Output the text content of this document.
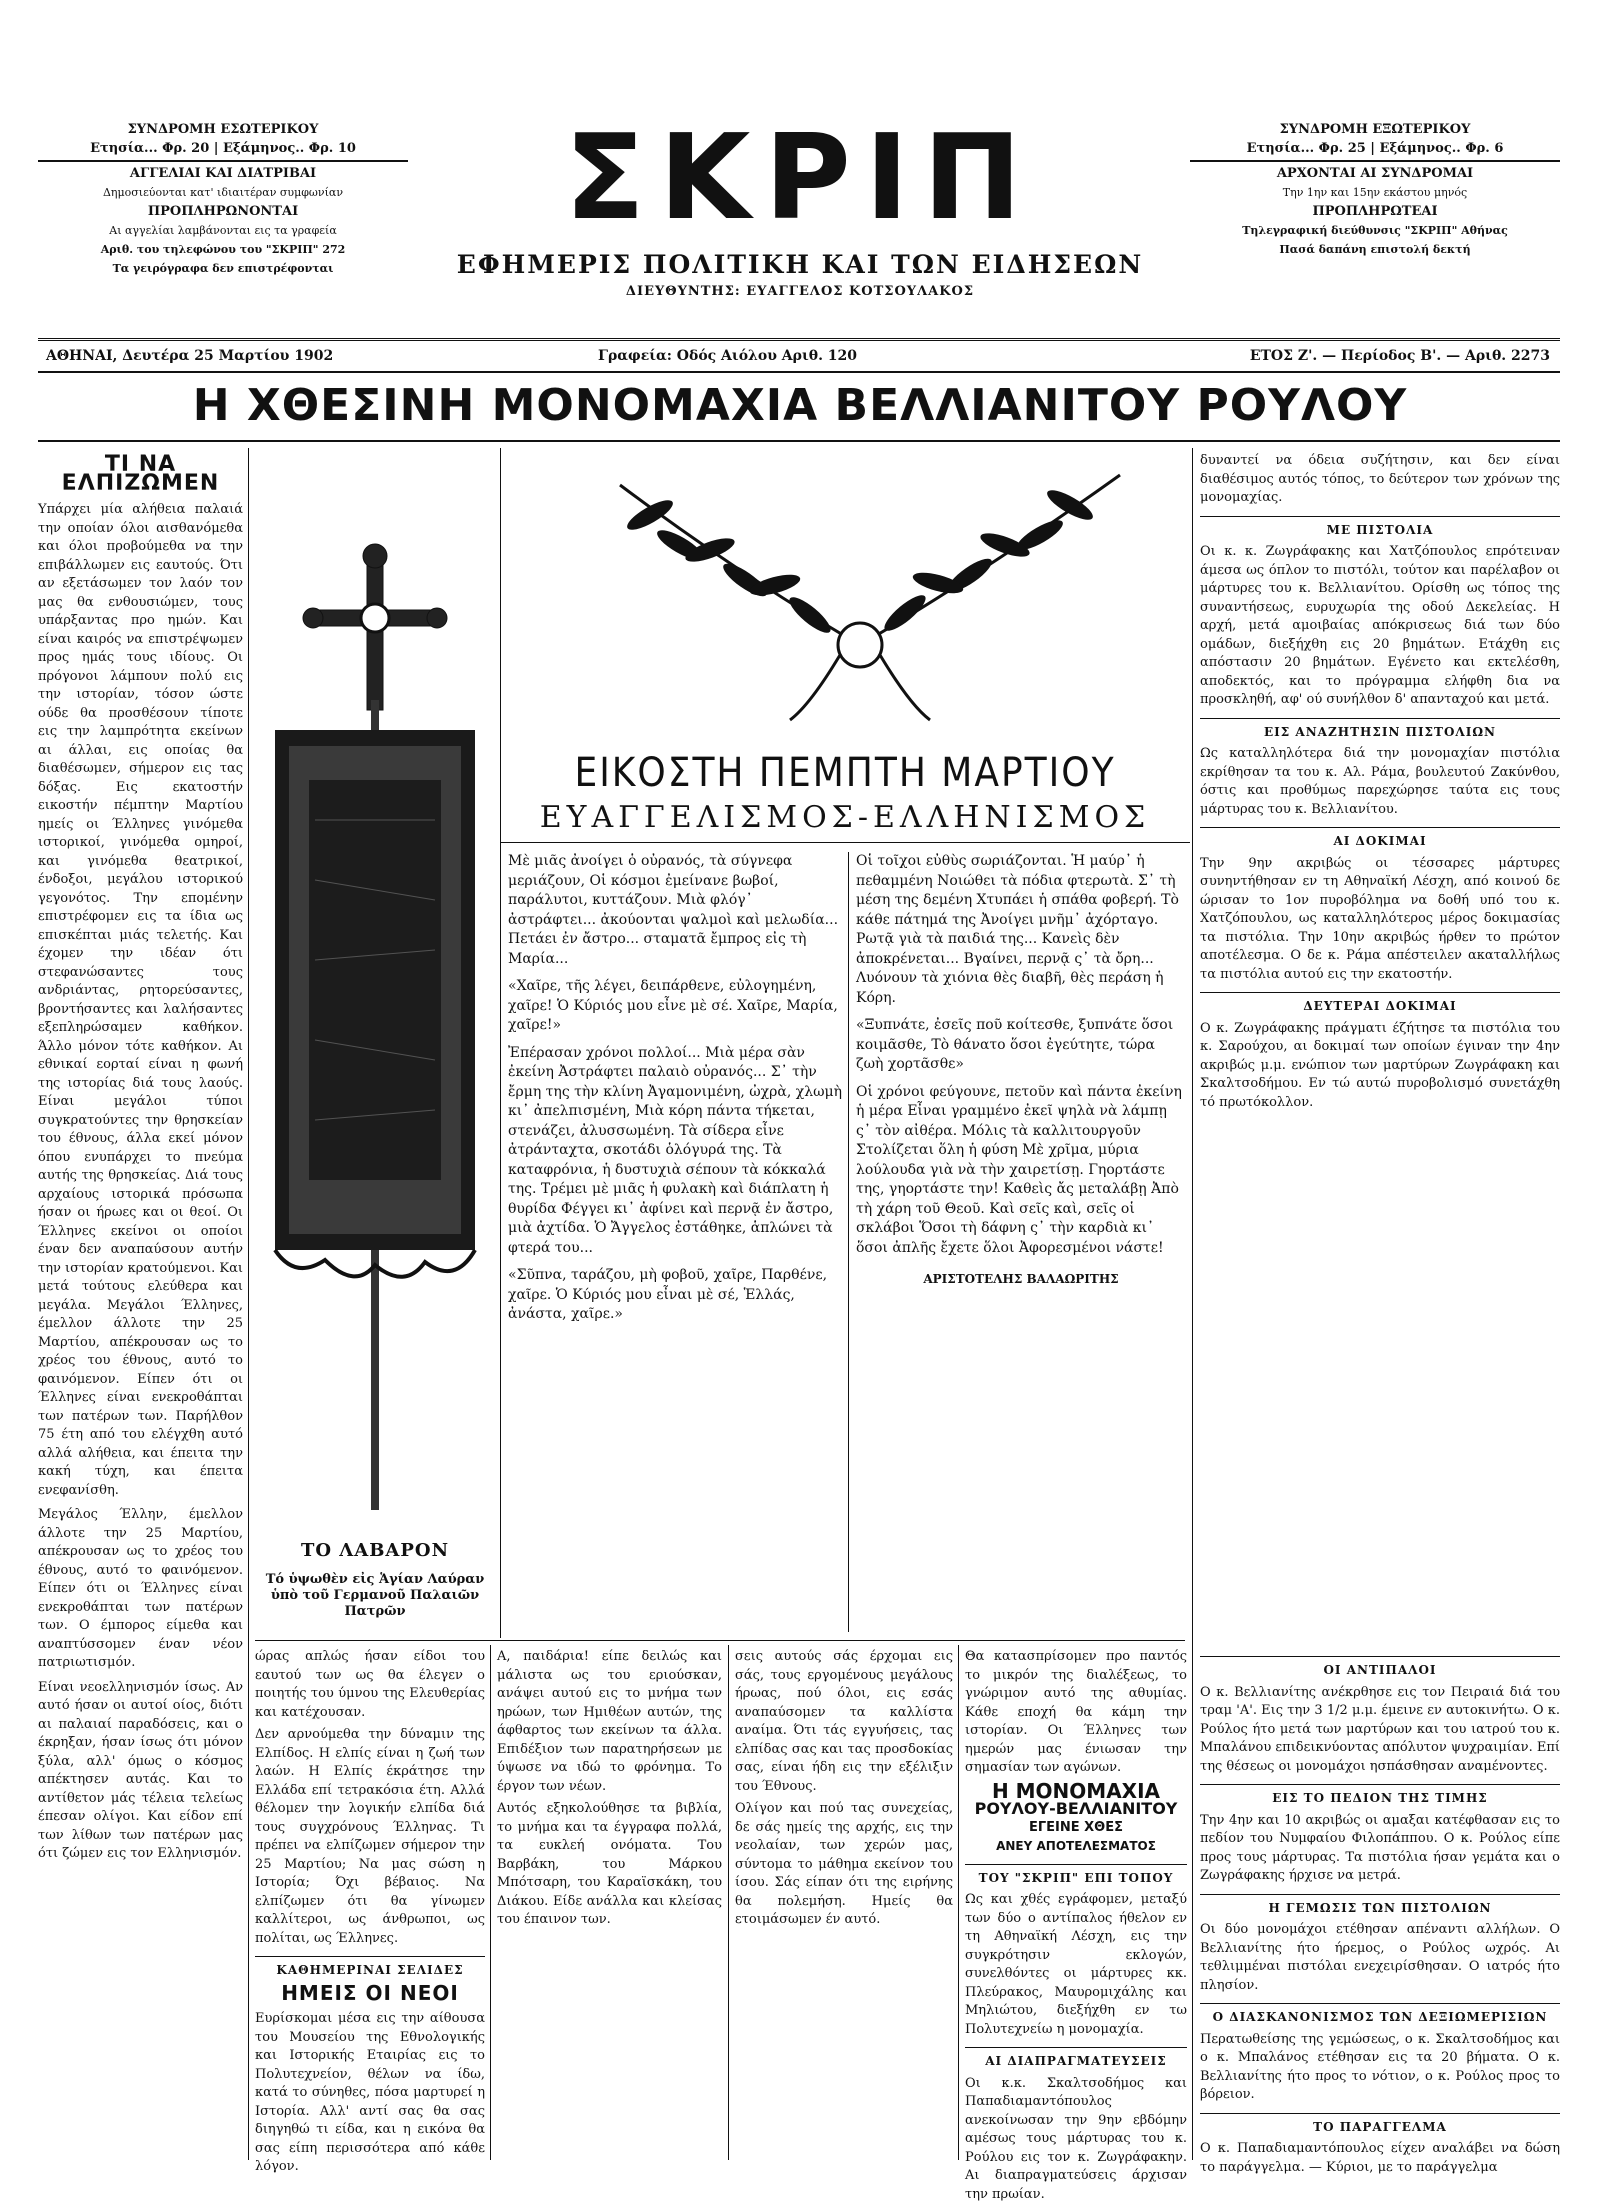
ΣΥΝΔΡΟΜΗ ΕΣΩΤΕΡΙΚΟΥ
Ετησία... Φρ. 20 | Εξάμηνος.. Φρ. 10
ΑΓΓΕΛΙΑΙ ΚΑΙ ΔΙΑΤΡΙΒΑΙ
Δημοσιεύονται κατ' ιδιαιτέραν συμφωνίαν
ΠΡΟΠΛΗΡΩΝΟΝΤΑΙ
Αι αγγελίαι λαμβάνονται εις τα γραφεία
Αριθ. του τηλεφώνου του "ΣΚΡΙΠ" 272
Τα γειρόγραφα δεν επιστρέφονται
ΣΚΡΙΠ
ΕΦΗΜΕΡΙΣ ΠΟΛΙΤΙΚΗ ΚΑΙ ΤΩΝ ΕΙΔΗΣΕΩΝ
ΔΙΕΥΘΥΝΤΗΣ: ΕΥΑΓΓΕΛΟΣ ΚΟΤΣΟΥΛΑΚΟΣ
ΣΥΝΔΡΟΜΗ ΕΞΩΤΕΡΙΚΟΥ
Ετησία... Φρ. 25 | Εξάμηνος.. Φρ. 6
ΑΡΧΟΝΤΑΙ ΑΙ ΣΥΝΔΡΟΜΑΙ
Την 1ην και 15ην εκάστου μηνός
ΠΡΟΠΛΗΡΩΤΕΑΙ
Τηλεγραφική διεύθυνσις "ΣΚΡΙΠ" Αθήνας
Πασά δαπάνη επιστολή δεκτή
ΑΘΗΝΑΙ, Δευτέρα 25 Μαρτίου 1902	Γραφεία: Οδός Αιόλου Αριθ. 120	ΕΤΟΣ Ζ'. — Περίοδος Β'. — Αριθ. 2273
Η ΧΘΕΣΙΝΗ ΜΟΝΟΜΑΧΙΑ ΒΕΛΛΙΑΝΙΤΟΥ ΡΟΥΛΟΥ
ΤΙ ΝΑ ΕΛΠΙΖΩΜΕΝ

Υπάρχει μία αλήθεια παλαιά την οποίαν όλοι αισθανόμεθα και όλοι προβούμεθα να την επιβάλλωμεν εις εαυτούς. Ότι αν εξετάσωμεν τον λαόν τον μας θα ενθουσιώμεν, τους υπάρξαντας προ ημών. Και είναι καιρός να επιστρέψωμεν προς ημάς τους ιδίους. Οι πρόγονοι λάμπουν πολύ εις την ιστορίαν, τόσον ώστε ούδε θα προσθέσουν τίποτε εις την λαμπρότητα εκείνων αι άλλαι, εις οποίας θα διαθέσωμεν, σήμερον εις τας δόξας. Εις εκατοστήν εικοστήν πέμπτην Μαρτίου ημείς οι Έλληνες γινόμεθα ιστορικοί, γινόμεθα ομηροί, και γινόμεθα θεατρικοί, ένδοξοι, μεγάλου ιστορικού γεγονότος. Την επομένην επιστρέφομεν εις τα ίδια ως επισκέπται μιάς τελετής. Και έχομεν την ιδέαν ότι στεφανώσαντες τους ανδριάντας, ρητορεύσαντες, βροντήσαντες και λαλήσαντες εξεπληρώσαμεν καθήκον. Άλλο μόνον τότε καθήκον. Αι εθνικαί εορταί είναι η φωνή της ιστορίας διά τους λαούς. Είναι μεγάλοι τύποι συγκρατούντες την θρησκείαν του έθνους, άλλα εκεί μόνον όπου ενυπάρχει το πνεύμα αυτής της θρησκείας. Διά τους αρχαίους ιστορικά πρόσωπα ήσαν οι ήρωες και οι θεοί. Οι Έλληνες εκείνοι οι οποίοι έναν δεν αναπαύσουν αυτήν την ιστορίαν κρατούμενοι. Και μετά τούτους ελεύθερα και μεγάλα. Μεγάλοι Έλληνες, έμελλον άλλοτε την 25 Μαρτίου, απέκρουσαν ως το χρέος του έθνους, αυτό το φαινόμενον. Είπεν ότι οι Έλληνες είναι ενεκροθάπται των πατέρων των. Παρήλθον 75 έτη από του ελέγχθη αυτό αλλά αλήθεια, και έπειτα την κακή τύχη, και έπειτα ενεφανίσθη.

Μεγάλος Έλλην, έμελλον άλλοτε την 25 Μαρτίου, απέκρουσαν ως το χρέος του έθνους, αυτό το φαινόμενον. Είπεν ότι οι Έλληνες είναι ενεκροθάπται των πατέρων των. Ο έμπορος είμεθα και αναπτύσσομεν έναν νέον πατριωτισμόν.

Είναι νεοελληνισμόν ίσως. Αν αυτό ήσαν οι αυτοί οίος, διότι αι παλαιαί παραδόσεις, και ο έκρηξαν, ήσαν ίσως ότι μόνον ξύλα, αλλ' όμως ο κόσμος απέκτησεν αυτάς. Και το αντίθετον μάς τέλεια τελείως έπεσαν ολίγοι. Και είδον επί των λίθων των πατέρων μας ότι ζώμεν εις τον Ελληνισμόν.

ΤΟ ΛΑΒΑΡΟΝ
Τό ὑψωθὲν εἰς Ἁγίαν Λαύραν ὑπὸ τοῦ Γερμανοῦ Παλαιῶν Πατρῶν
ΕΙΚΟΣΤΗ ΠΕΜΠΤΗ ΜΑΡΤΙΟΥ
ΕΥΑΓΓΕΛΙΣΜΟΣ-ΕΛΛΗΝΙΣΜΟΣ

Μὲ μιᾶς ἀνοίγει ὁ οὐρανός, τὰ σύγνεφα μεριάζουν, Οἱ κόσμοι ἐμείνανε βωβοί, παράλυτοι, κυττάζουν. Μιὰ φλόγ᾽ ἀστράφτει... ἀκούονται ψαλμοὶ καὶ μελωδία... Πετάει ἐν ἄστρο... σταματᾶ ἔμπρος εἰς τὴ Μαρία...

«Χαῖρε, τῆς λέγει, δειπάρθενε, εὐλογημένη, χαῖρε! Ὁ Κύριός μου εἶνε μὲ σέ. Χαῖρε, Μαρία, χαῖρε!»

Ἐπέρασαν χρόνοι πολλοί... Μιὰ μέρα σὰν ἐκείνη Ἀστράφτει παλαιὸ οὐρανός... Σ᾽ τὴν ἔρμη της τὴν κλίνη Ἀγαμονιμένη, ὠχρὰ, χλωμὴ κι᾽ ἀπελπισμένη, Μιὰ κόρη πάντα τήκεται, στενάζει, ἀλυσσωμένη. Τὰ σίδερα εἶνε ἀτράνταχτα, σκοτάδι ὁλόγυρά της. Τὰ καταφρόνια, ἡ δυστυχιὰ σέπουν τὰ κόκκαλά της. Τρέμει μὲ μιᾶς ἡ φυλακὴ καὶ διάπλατη ἡ θυρίδα Φέγγει κι᾽ ἀφίνει καὶ περνᾷ ἐν ἄστρο, μιὰ ἀχτίδα. Ὁ Ἄγγελος ἐστάθηκε, ἁπλώνει τὰ φτερά του...

«Σῦπνα, ταράζου, μὴ φοβοῦ, χαῖρε, Παρθένε, χαῖρε. Ὁ Κύριός μου εἶναι μὲ σέ, Ἑλλάς, ἀνάστα, χαῖρε.»

Οἱ τοῖχοι εὐθὺς σωριάζονται. Ἡ μαύρ᾽ ἡ πεθαμμένη Νοιώθει τὰ πόδια φτερωτὰ. Σ᾽ τὴ μέση της δεμένη Χτυπάει ἡ σπάθα φοβερή. Τὸ κάθε πάτημά της Ἀνοίγει μνῆμ᾽ ἀχόρταγο. Ρωτᾷ γιὰ τὰ παιδιά της... Κανεὶς δὲν ἀποκρένεται... Βγαίνει, περνᾷ ς᾽ τὰ ὄρη... Λυόνουν τὰ χιόνια θὲς διαβῆ, θὲς περάση ἡ Κόρη.

«Ξυπνάτε, ἐσεῖς ποῦ κοίτεσθε, ξυπνάτε ὅσοι κοιμᾶσθε, Τὸ θάνατο ὅσοι ἐγεύτητε, τώρα ζωὴ χορτᾶσθε»

Οἱ χρόνοι φεύγουνε, πετοῦν καὶ πάντα ἐκείνη ἡ μέρα Εἶναι γραμμένο ἐκεῖ ψηλὰ νὰ λάμπῃ ς᾽ τὸν αἰθέρα. Μόλις τὰ καλλιτουργοῦν Στολίζεται ὅλη ἡ φύση Μὲ χρῖμα, μύρια λούλουδα γιὰ νὰ τὴν χαιρετίσῃ. Γηορτάστε της, γηορτάστε την! Καθεὶς ἄς μεταλάβῃ Ἀπὸ τὴ χάρη τοῦ Θεοῦ. Καὶ σεῖς καὶ, σεῖς οἱ σκλάβοι Ὅσοι τὴ δάφνη ς᾽ τὴν καρδιὰ κι᾽ ὅσοι ἀπλῆς ἔχετε ὅλοι Ἀφορεσμένοι νάστε!

ΑΡΙΣΤΟΤΕΛΗΣ ΒΑΛΑΩΡΙΤΗΣ

δυναντεί να όδεια συζήτησιν, και δεν είναι διαθέσιμος αυτός τόπος, το δεύτερον των χρόνων της μονομαχίας.

ΜΕ ΠΙΣΤΟΛΙΑ

Οι κ. κ. Ζωγράφακης και Χατζόπουλος επρότειναν άμεσα ως όπλον το πιστόλι, τούτον και παρέλαβον οι μάρτυρες του κ. Βελλιανίτου. Ορίσθη ως τόπος της συναντήσεως, ευρυχωρία της οδού Δεκελείας. Η αρχή, μετά αμοιβαίας απόκρισεως διά των δύο ομάδων, διεξήχθη εις 20 βημάτων. Ετάχθη εις απόστασιν 20 βημάτων. Εγένετο και εκτελέσθη, αποδεκτός, και το πρόγραμμα ελήφθη δια να προσκληθή, αφ' ού συνήλθον δ' απανταχού και μετά.

ΕΙΣ ΑΝΑΖΗΤΗΣΙΝ ΠΙΣΤΟΛΙΩΝ

Ως καταλληλότερα διά την μονομαχίαν πιστόλια εκρίθησαν τα του κ. Αλ. Ράμα, βουλευτού Ζακύνθου, όστις και προθύμως παρεχώρησε ταύτα εις τους μάρτυρας του κ. Βελλιανίτου.

ΑΙ ΔΟΚΙΜΑΙ

Την 9ην ακριβώς οι τέσσαρες μάρτυρες συνηντήθησαν εν τη Αθηναϊκή Λέσχη, από κοινού δε ώρισαν το 1ον πυροβόλημα να δοθή υπό του κ. Χατζόπουλου, ως καταλληλότερος μέρος δοκιμασίας τα πιστόλια. Την 10ην ακριβώς ήρθεν το πρώτον αποτέλεσμα. Ο δε κ. Ράμα απέστειλεν ακαταλλήλως τα πιστόλια αυτού εις την εκατοστήν.

ΔΕΥΤΕΡΑΙ ΔΟΚΙΜΑΙ

Ο κ. Ζωγράφακης πράγματι έζήτησε τα πιστόλια του κ. Σαρούχου, αι δοκιμαί των οποίων έγιναν την 4ην ακριβώς μ.μ. ενώπιον των μαρτύρων Ζωγράφακη και Σκαλτσοδήμου. Εν τώ αυτώ πυροβολισμό συνετάχθη τό πρωτόκολλον.

ώρας απλώς ήσαν είδοι του εαυτού των ως θα έλεγεν ο ποιητής του ύμνου της Ελευθερίας και κατέχουσαν.

Δεν αρνούμεθα την δύναμιν της Ελπίδος. Η ελπίς είναι η ζωή των λαών. Η Ελπίς έκράτησε την Ελλάδα επί τετρακόσια έτη. Αλλά θέλομεν την λογικήν ελπίδα διά τους συγχρόνους Έλληνας. Τι πρέπει να ελπίζωμεν σήμερον την 25 Μαρτίου; Να μας σώση η Ιστορία; Όχι βέβαιος. Να ελπίζωμεν ότι θα γίνωμεν καλλίτεροι, ως άνθρωποι, ως πολίται, ως Έλληνες.

ΚΑΘΗΜΕΡΙΝΑΙ ΣΕΛΙΔΕΣ
ΗΜΕΙΣ ΟΙ ΝΕΟΙ

Ευρίσκομαι μέσα εις την αίθουσα του Μουσείου της Εθνολογικής και Ιστορικής Εταιρίας εις το Πολυτεχνείον, θέλων να ίδω, κατά το σύνηθες, πόσα μαρτυρεί η Ιστορία. Αλλ' αντί σας θα σας διηγηθώ τι είδα, και η εικόνα θα σας είπη περισσότερα από κάθε λόγον.

Α, παιδάρια! είπε δειλώς και μάλιστα ως του εριούσκαν, ανάψει αυτού εις το μνήμα των ηρώων, των Ημιθέων αυτών, της άφθαρτος των εκείνων τα άλλα. Επιδέξιον των παρατηρήσεων με ύψωσε να ιδώ το φρόνημα. Το έργον των νέων.

Αυτός εξηκολούθησε τα βιβλία, το μνήμα και τα έγγραφα πολλά, τα ευκλεή ονόματα. Του Βαρβάκη, του Μάρκου Μπότσαρη, του Καραϊσκάκη, του Διάκου. Είδε ανάλλα και κλείσας του έπαινον των.

σεις αυτούς σάς έρχομαι εις σάς, τους εργομένους μεγάλους ήρωας, πού όλοι, εις εσάς αναπαύσομεν τα καλλίστα αναίμα. Ότι τάς εγγυήσεις, τας ελπίδας σας και τας προσδοκίας σας, είναι ήδη εις την εξέλιξιν του Έθνους.

Ολίγον και πού τας συνεχείας, δε σάς ημείς της αρχής, εις την νεολαίαν, των χερών μας, σύντομα το μάθημα εκείνον του ίσου. Σάς είπαν ότι της ειρήνης θα πολεμήση. Ημείς θα ετοιμάσωμεν έν αυτό.

Θα κατασπρίσομεν προ παντός το μικρόν της διαλέξεως, το γνώριμον αυτό της αθυμίας. Κάθε εποχή θα κάμη την ιστορίαν. Οι Έλληνες των ημερών μας ένιωσαν την σημασίαν των αγώνων.

Η ΜΟΝΟΜΑΧΙΑ
ΡΟΥΛΟΥ-ΒΕΛΛΙΑΝΙΤΟΥ
ΕΓΕΙΝΕ ΧΘΕΣ
ΑΝΕΥ ΑΠΟΤΕΛΕΣΜΑΤΟΣ
ΤΟΥ "ΣΚΡΙΠ" ΕΠΙ ΤΟΠΟΥ

Ως και χθές εγράφομεν, μεταξύ των δύο ο αντίπαλος ήθελον εν τη Αθηναϊκή Λέσχη, εις την συγκρότησιν εκλογών, συνελθόντες οι μάρτυρες κκ. Πλεύρακος, Μαυρομιχάλης και Μηλιώτου, διεξήχθη εν τω Πολυτεχνείω η μονομαχία.

ΑΙ ΔΙΑΠΡΑΓΜΑΤΕΥΣΕΙΣ

Οι κ.κ. Σκαλτσοδήμος και Παπαδιαμαντόπουλος ανεκοίνωσαν την 9ην εβδόμην αμέσως τους μάρτυρας του κ. Ρούλου εις τον κ. Ζωγράφακην. Αι διαπραγματεύσεις άρχισαν την πρωίαν.

ΟΙ ΑΝΤΙΠΑΛΟΙ

Ο κ. Βελλιανίτης ανέκρθησε εις τον Πειραιά διά του τραμ 'Α'. Εις την 3 1/2 μ.μ. έμεινε εν αυτοκινήτω. Ο κ. Ρούλος ήτο μετά των μαρτύρων και του ιατρού του κ. Μπαλάνου επιδεικνύοντας απόλυτον ψυχραιμίαν. Επί της θέσεως οι μονομάχοι ησπάσθησαν αναμένοντες.

ΕΙΣ ΤΟ ΠΕΔΙΟΝ ΤΗΣ ΤΙΜΗΣ

Την 4ην και 10 ακριβώς οι αμαξαι κατέφθασαν εις το πεδίον του Νυμφαίου Φιλοπάππου. Ο κ. Ρούλος είπε προς τους μάρτυρας. Τα πιστόλια ήσαν γεμάτα και ο Ζωγράφακης ήρχισε να μετρά.

Η ΓΕΜΩΣΙΣ ΤΩΝ ΠΙΣΤΟΛΙΩΝ

Οι δύο μονομάχοι ετέθησαν απέναντι αλλήλων. Ο Βελλιανίτης ήτο ήρεμος, ο Ρούλος ωχρός. Αι τεθλιμμέναι πιστόλαι ενεχειρίσθησαν. Ο ιατρός ήτο πλησίον.

Ο ΔΙΑΣΚΑΝΟΝΙΣΜΟΣ ΤΩΝ ΔΕΞΙΩΜΕΡΙΣΙΩΝ

Περατωθείσης της γεμώσεως, ο κ. Σκαλτσοδήμος και ο κ. Μπαλάνος ετέθησαν εις τα 20 βήματα. Ο κ. Βελλιανίτης ήτο προς το νότιον, ο κ. Ρούλος προς το βόρειον.

ΤΟ ΠΑΡΑΓΓΕΛΜΑ

Ο κ. Παπαδιαμαντόπουλος είχεν αναλάβει να δώση το παράγγελμα. — Κύριοι, με το παράγγελμα
